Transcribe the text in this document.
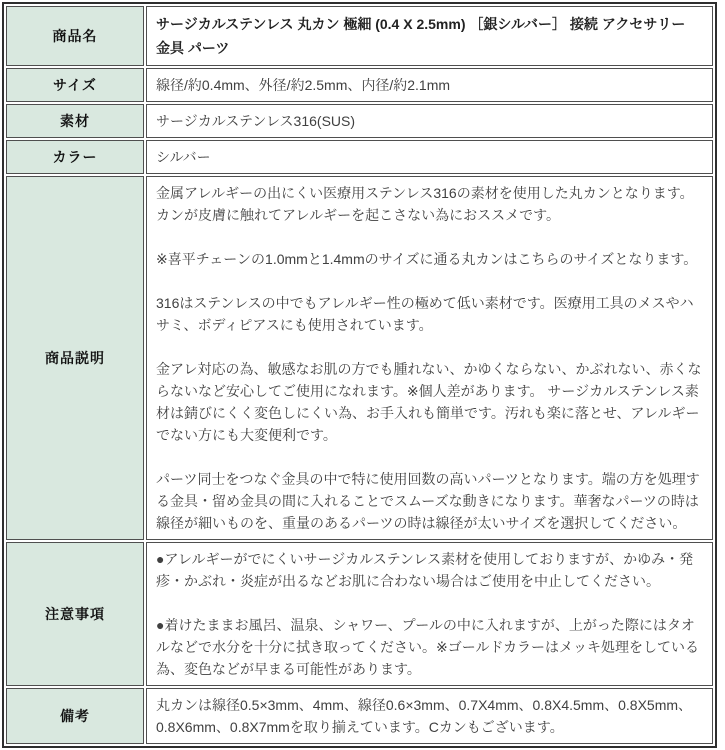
商品名	サージカルステンレス 丸カン 極細 (0.4 X 2.5mm) ［銀シルバー］ 接続 アクセサリー 金具 パーツ
サイズ	線径/約0.4mm、外径/約2.5mm、内径/約2.1mm
素材	サージカルステンレス316(SUS)
カラー	シルバー
商品説明	金属アレルギーの出にくい医療用ステンレス316の素材を使用した丸カンとなります。カンが皮膚に触れてアレルギーを起こさない為におススメです。

※喜平チェーンの1.0mmと1.4mmのサイズに通る丸カンはこちらのサイズとなります。

316はステンレスの中でもアレルギー性の極めて低い素材です。医療用工具のメスやハサミ、ボディピアスにも使用されています。

金アレ対応の為、敏感なお肌の方でも腫れない、かゆくならない、かぶれない、赤くならないなど安心してご使用になれます。※個人差があります。 サージカルステンレス素材は錆びにくく変色しにくい為、お手入れも簡単です。汚れも楽に落とせ、アレルギーでない方にも大変便利です。

パーツ同士をつなぐ金具の中で特に使用回数の高いパーツとなります。端の方を処理する金具・留め金具の間に入れることでスムーズな動きになります。華奢なパーツの時は線径が細いものを、重量のあるパーツの時は線径が太いサイズを選択してください。

注意事項	●アレルギーがでにくいサージカルステンレス素材を使用しておりますが、かゆみ・発疹・かぶれ・炎症が出るなどお肌に合わない場合はご使用を中止してください。

●着けたままお風呂、温泉、シャワー、プールの中に入れますが、上がった際にはタオルなどで水分を十分に拭き取ってください。※ゴールドカラーはメッキ処理をしている為、変色などが早まる可能性があります。

備考	丸カンは線径0.5×3mm、4mm、線径0.6×3mm、0.7X4mm、0.8X4.5mm、0.8X5mm、0.8X6mm、0.8X7mmを取り揃えています。Cカンもございます。
